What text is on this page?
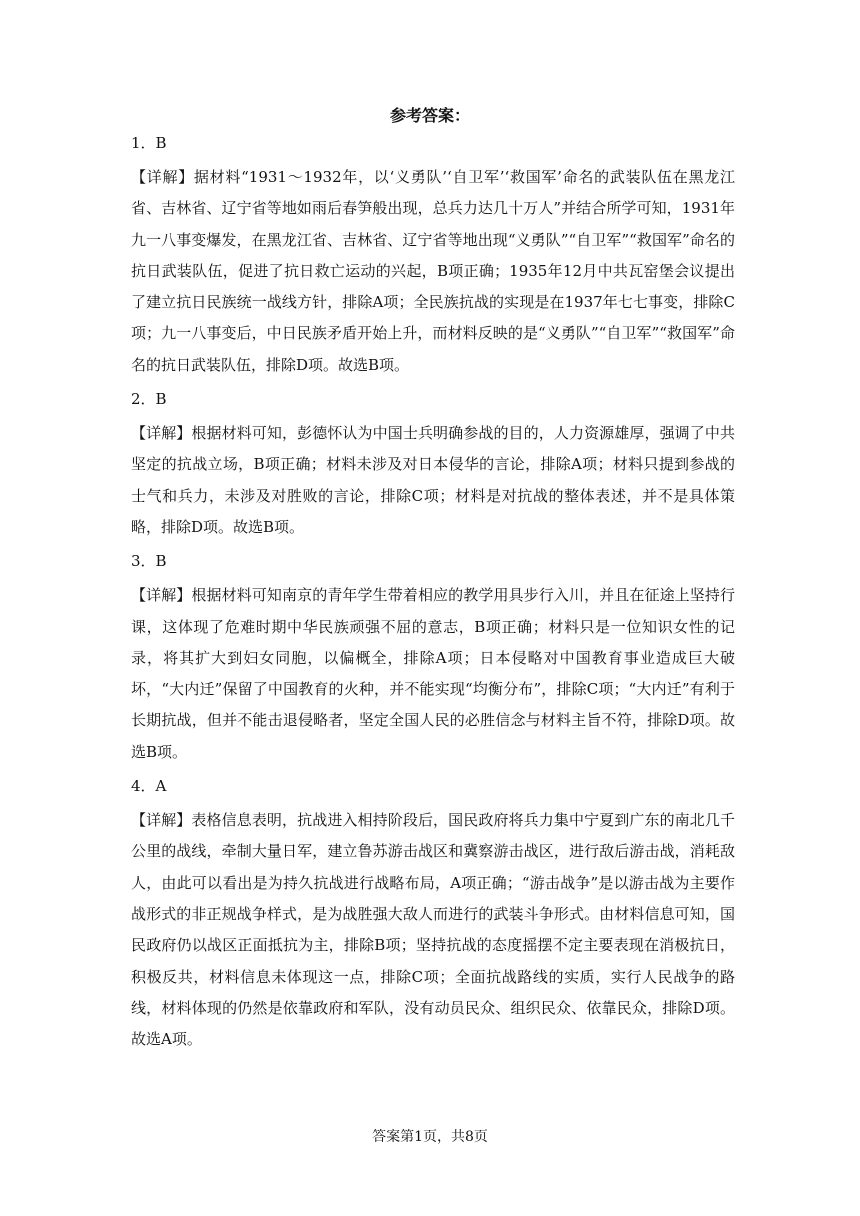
参考答案：

1．B

【详解】据材料“1931～1932年，以‘义勇队’‘自卫军’‘救国军’命名的武装队伍在黑龙江省、吉林省、辽宁省等地如雨后春笋般出现，总兵力达几十万人”并结合所学可知，1931年九一八事变爆发，在黑龙江省、吉林省、辽宁省等地出现“义勇队”“自卫军”“救国军”命名的抗日武装队伍，促进了抗日救亡运动的兴起，B项正确；1935年12月中共瓦窑堡会议提出了建立抗日民族统一战线方针，排除A项；全民族抗战的实现是在1937年七七事变，排除C项；九一八事变后，中日民族矛盾开始上升，而材料反映的是“义勇队”“自卫军”“救国军”命名的抗日武装队伍，排除D项。故选B项。

2．B

【详解】根据材料可知，彭德怀认为中国士兵明确参战的目的，人力资源雄厚，强调了中共坚定的抗战立场，B项正确；材料未涉及对日本侵华的言论，排除A项；材料只提到参战的士气和兵力，未涉及对胜败的言论，排除C项；材料是对抗战的整体表述，并不是具体策略，排除D项。故选B项。

3．B

【详解】根据材料可知南京的青年学生带着相应的教学用具步行入川，并且在征途上坚持行课，这体现了危难时期中华民族顽强不屈的意志，B项正确；材料只是一位知识女性的记录，将其扩大到妇女同胞，以偏概全，排除A项；日本侵略对中国教育事业造成巨大破坏，“大内迁”保留了中国教育的火种，并不能实现“均衡分布”，排除C项；“大内迁”有利于长期抗战，但并不能击退侵略者，坚定全国人民的必胜信念与材料主旨不符，排除D项。故选B项。

4．A

【详解】表格信息表明，抗战进入相持阶段后，国民政府将兵力集中宁夏到广东的南北几千公里的战线，牵制大量日军，建立鲁苏游击战区和冀察游击战区，进行敌后游击战，消耗敌人，由此可以看出是为持久抗战进行战略布局，A项正确；“游击战争”是以游击战为主要作战形式的非正规战争样式，是为战胜强大敌人而进行的武装斗争形式。由材料信息可知，国民政府仍以战区正面抵抗为主，排除B项；坚持抗战的态度摇摆不定主要表现在消极抗日，积极反共，材料信息未体现这一点，排除C项；全面抗战路线的实质，实行人民战争的路线，材料体现的仍然是依靠政府和军队，没有动员民众、组织民众、依靠民众，排除D项。故选A项。

答案第1页，共8页
